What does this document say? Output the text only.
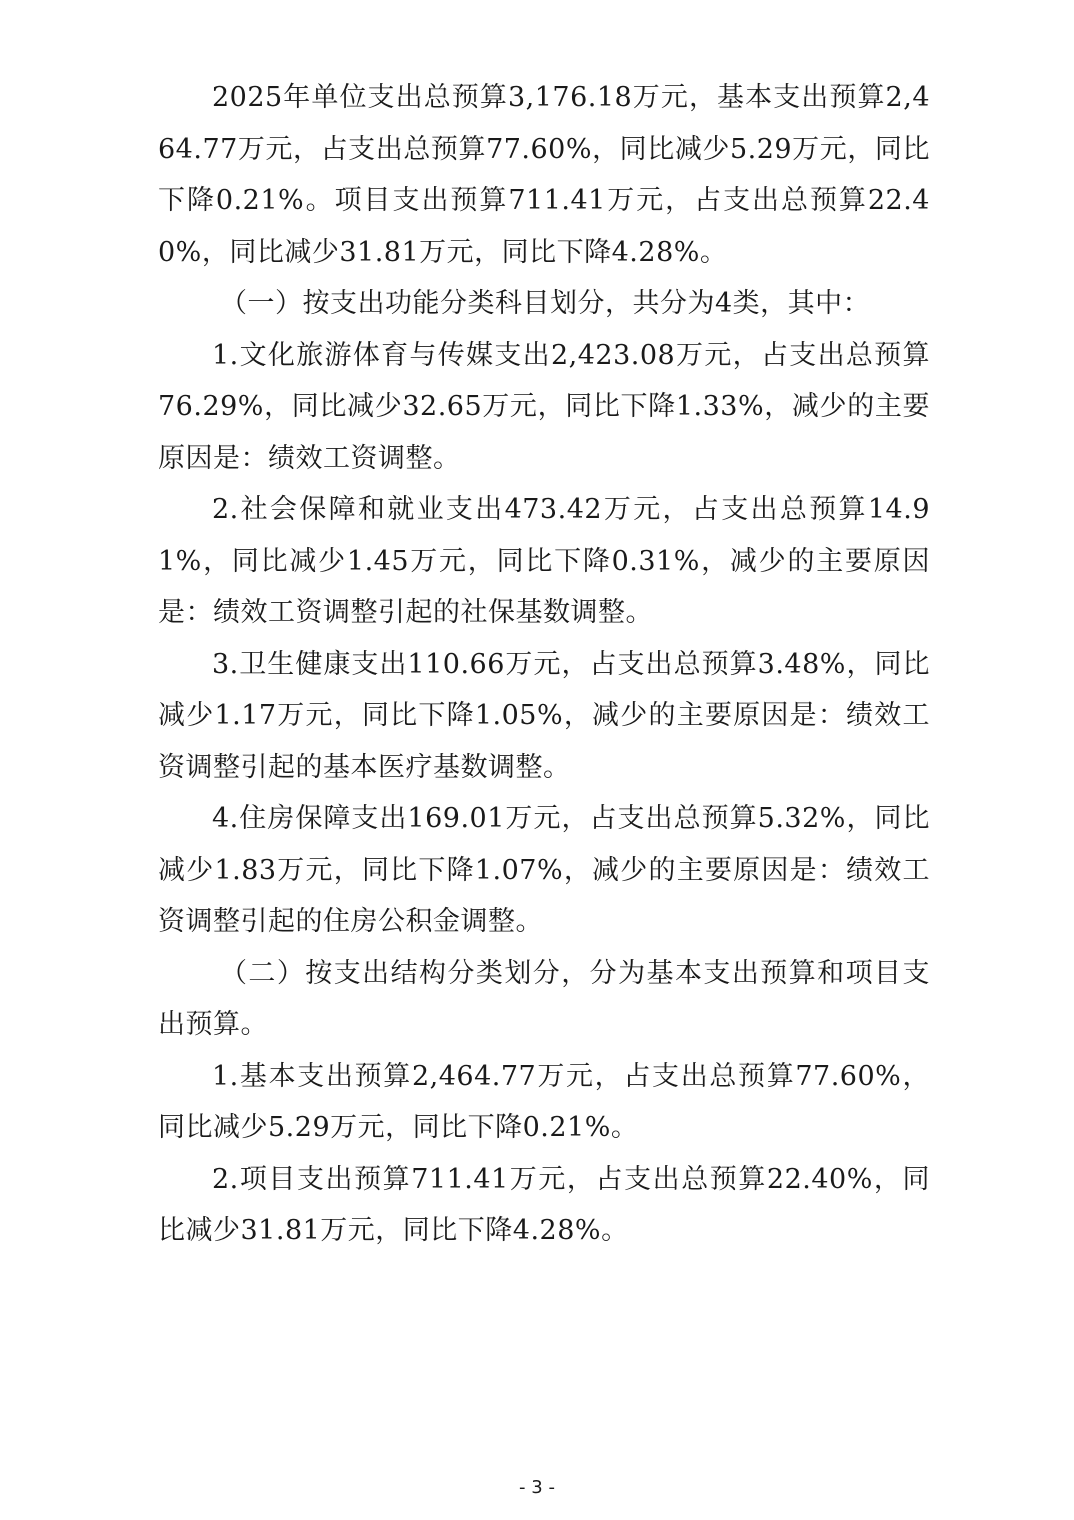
2025年单位支出总预算3,176.18万元，基本支出预算2,464.77万元，占支出总预算77.60%，同比减少5.29万元，同比下降0.21%。项目支出预算711.41万元，占支出总预算22.40%，同比减少31.81万元，同比下降4.28%。

（一）按支出功能分类科目划分，共分为4类，其中：

1.文化旅游体育与传媒支出2,423.08万元，占支出总预算76.29%，同比减少32.65万元，同比下降1.33%，减少的主要原因是：绩效工资调整。

2.社会保障和就业支出473.42万元，占支出总预算14.91%，同比减少1.45万元，同比下降0.31%，减少的主要原因是：绩效工资调整引起的社保基数调整。

3.卫生健康支出110.66万元，占支出总预算3.48%，同比减少1.17万元，同比下降1.05%，减少的主要原因是：绩效工资调整引起的基本医疗基数调整。

4.住房保障支出169.01万元，占支出总预算5.32%，同比减少1.83万元，同比下降1.07%，减少的主要原因是：绩效工资调整引起的住房公积金调整。

（二）按支出结构分类划分，分为基本支出预算和项目支出预算。

1.基本支出预算2,464.77万元，占支出总预算77.60%，同比减少5.29万元，同比下降0.21%。

2.项目支出预算711.41万元，占支出总预算22.40%，同比减少31.81万元，同比下降4.28%。

- 3 -
